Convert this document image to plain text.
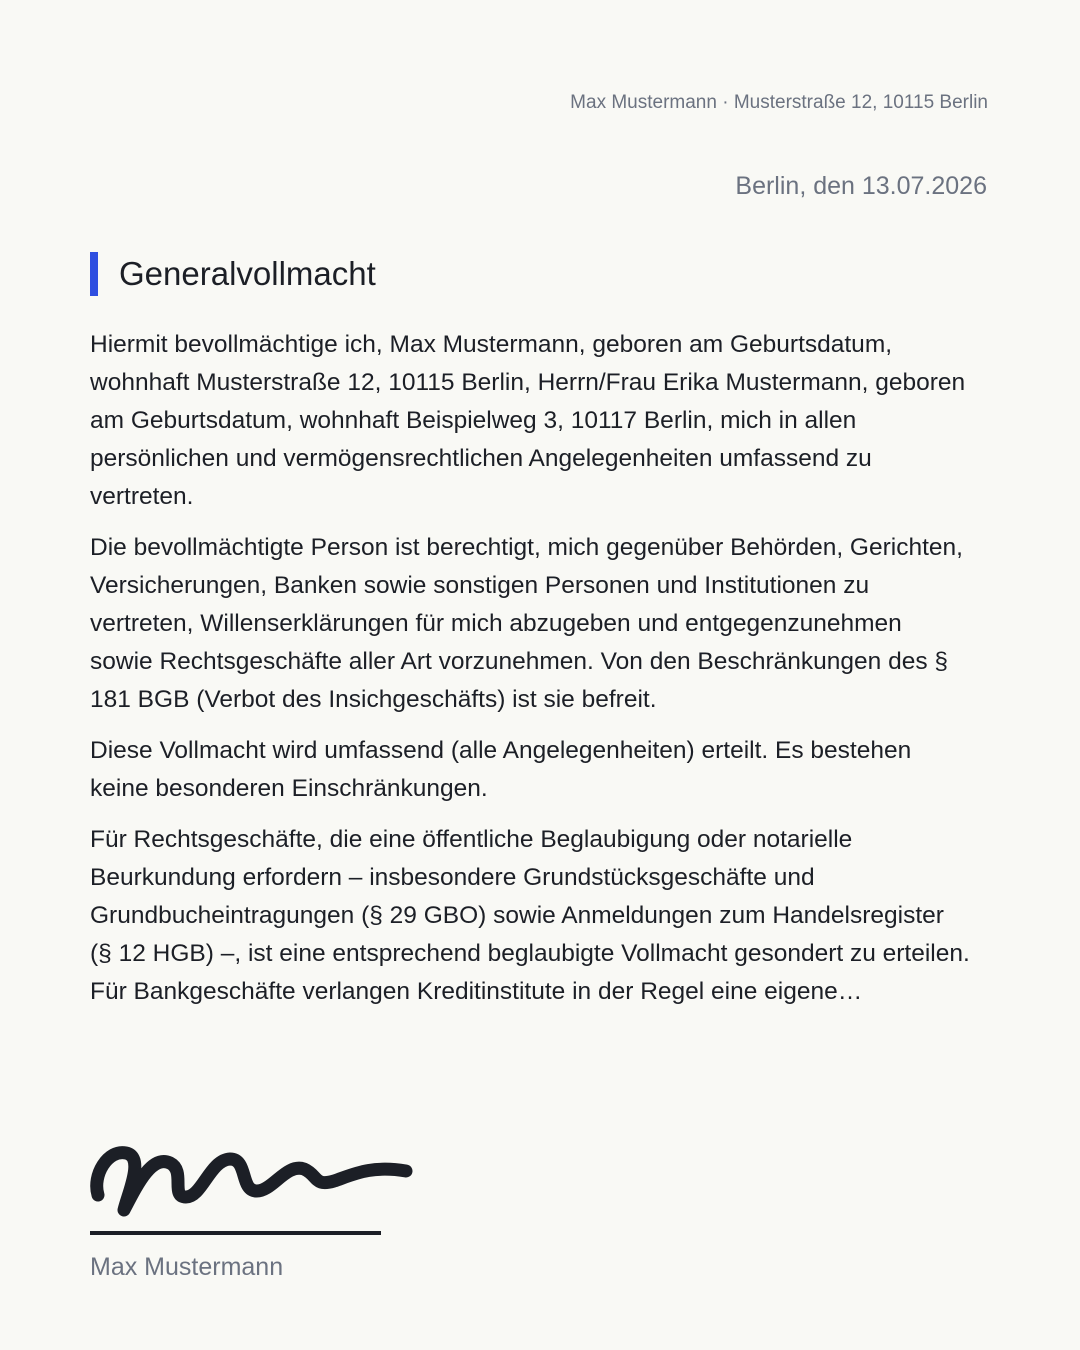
Max Mustermann · Musterstraße 12, 10115 Berlin
Berlin, den 13.07.2026
Generalvollmacht

Hiermit bevollmächtige ich, Max Mustermann, geboren am Geburtsdatum, wohnhaft Musterstraße 12, 10115 Berlin, Herrn/Frau Erika Mustermann, geboren am Geburtsdatum, wohnhaft Beispielweg 3, 10117 Berlin, mich in allen persönlichen und vermögensrechtlichen Angelegenheiten umfassend zu vertreten.

Die bevollmächtigte Person ist berechtigt, mich gegenüber Behörden, Gerichten, Versicherungen, Banken sowie sonstigen Personen und Institutionen zu vertreten, Willenserklärungen für mich abzugeben und entgegenzunehmen sowie Rechtsgeschäfte aller Art vorzunehmen. Von den Beschränkungen des § 181 BGB (Verbot des Insichgeschäfts) ist sie befreit.

Diese Vollmacht wird umfassend (alle Angelegenheiten) erteilt. Es bestehen keine besonderen Einschränkungen.

Für Rechtsgeschäfte, die eine öffentliche Beglaubigung oder notarielle Beurkundung erfordern – insbesondere Grundstücksgeschäfte und Grundbucheintragungen (§ 29 GBO) sowie Anmeldungen zum Handelsregister (§ 12 HGB) –, ist eine entsprechend beglaubigte Vollmacht gesondert zu erteilen. Für Bankgeschäfte verlangen Kreditinstitute in der Regel eine eigene…

Max Mustermann
